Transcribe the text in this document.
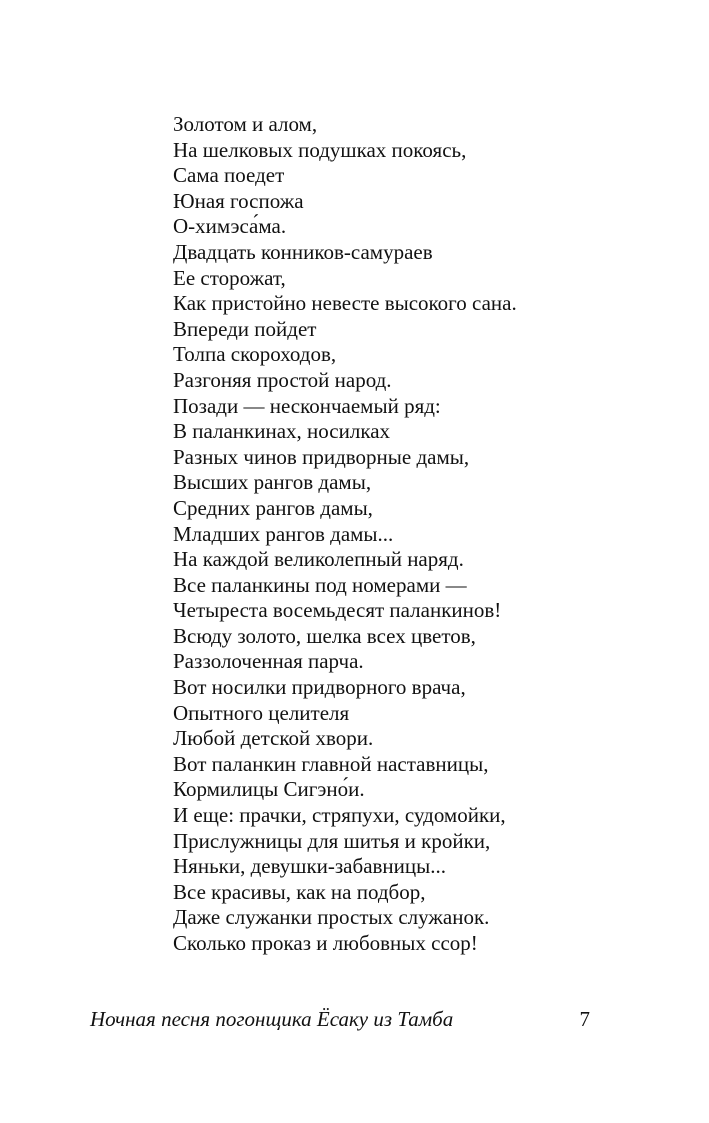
Золотом и алом,
На шелковых подушках покоясь,
Сама поедет
Юная госпожа
О-химэса́ма.
Двадцать конников-самураев
Ее сторожат,
Как пристойно невесте высокого сана.
Впереди пойдет
Толпа скороходов,
Разгоняя простой народ.
Позади — нескончаемый ряд:
В паланкинах, носилках
Разных чинов придворные дамы,
Высших рангов дамы,
Средних рангов дамы,
Младших рангов дамы...
На каждой великолепный наряд.
Все паланкины под номерами —
Четыреста восемьдесят паланкинов!
Всюду золото, шелка всех цветов,
Раззолоченная парча.
Вот носилки придворного врача,
Опытного целителя
Любой детской хвори.
Вот паланкин главной наставницы,
Кормилицы Сигэно́и.
И еще: прачки, стряпухи, судомойки,
Прислужницы для шитья и кройки,
Няньки, девушки-забавницы...
Все красивы, как на подбор,
Даже служанки простых служанок.
Сколько проказ и любовных ссор!
Ночная песня погонщика Ёсаку из Тамба	7
